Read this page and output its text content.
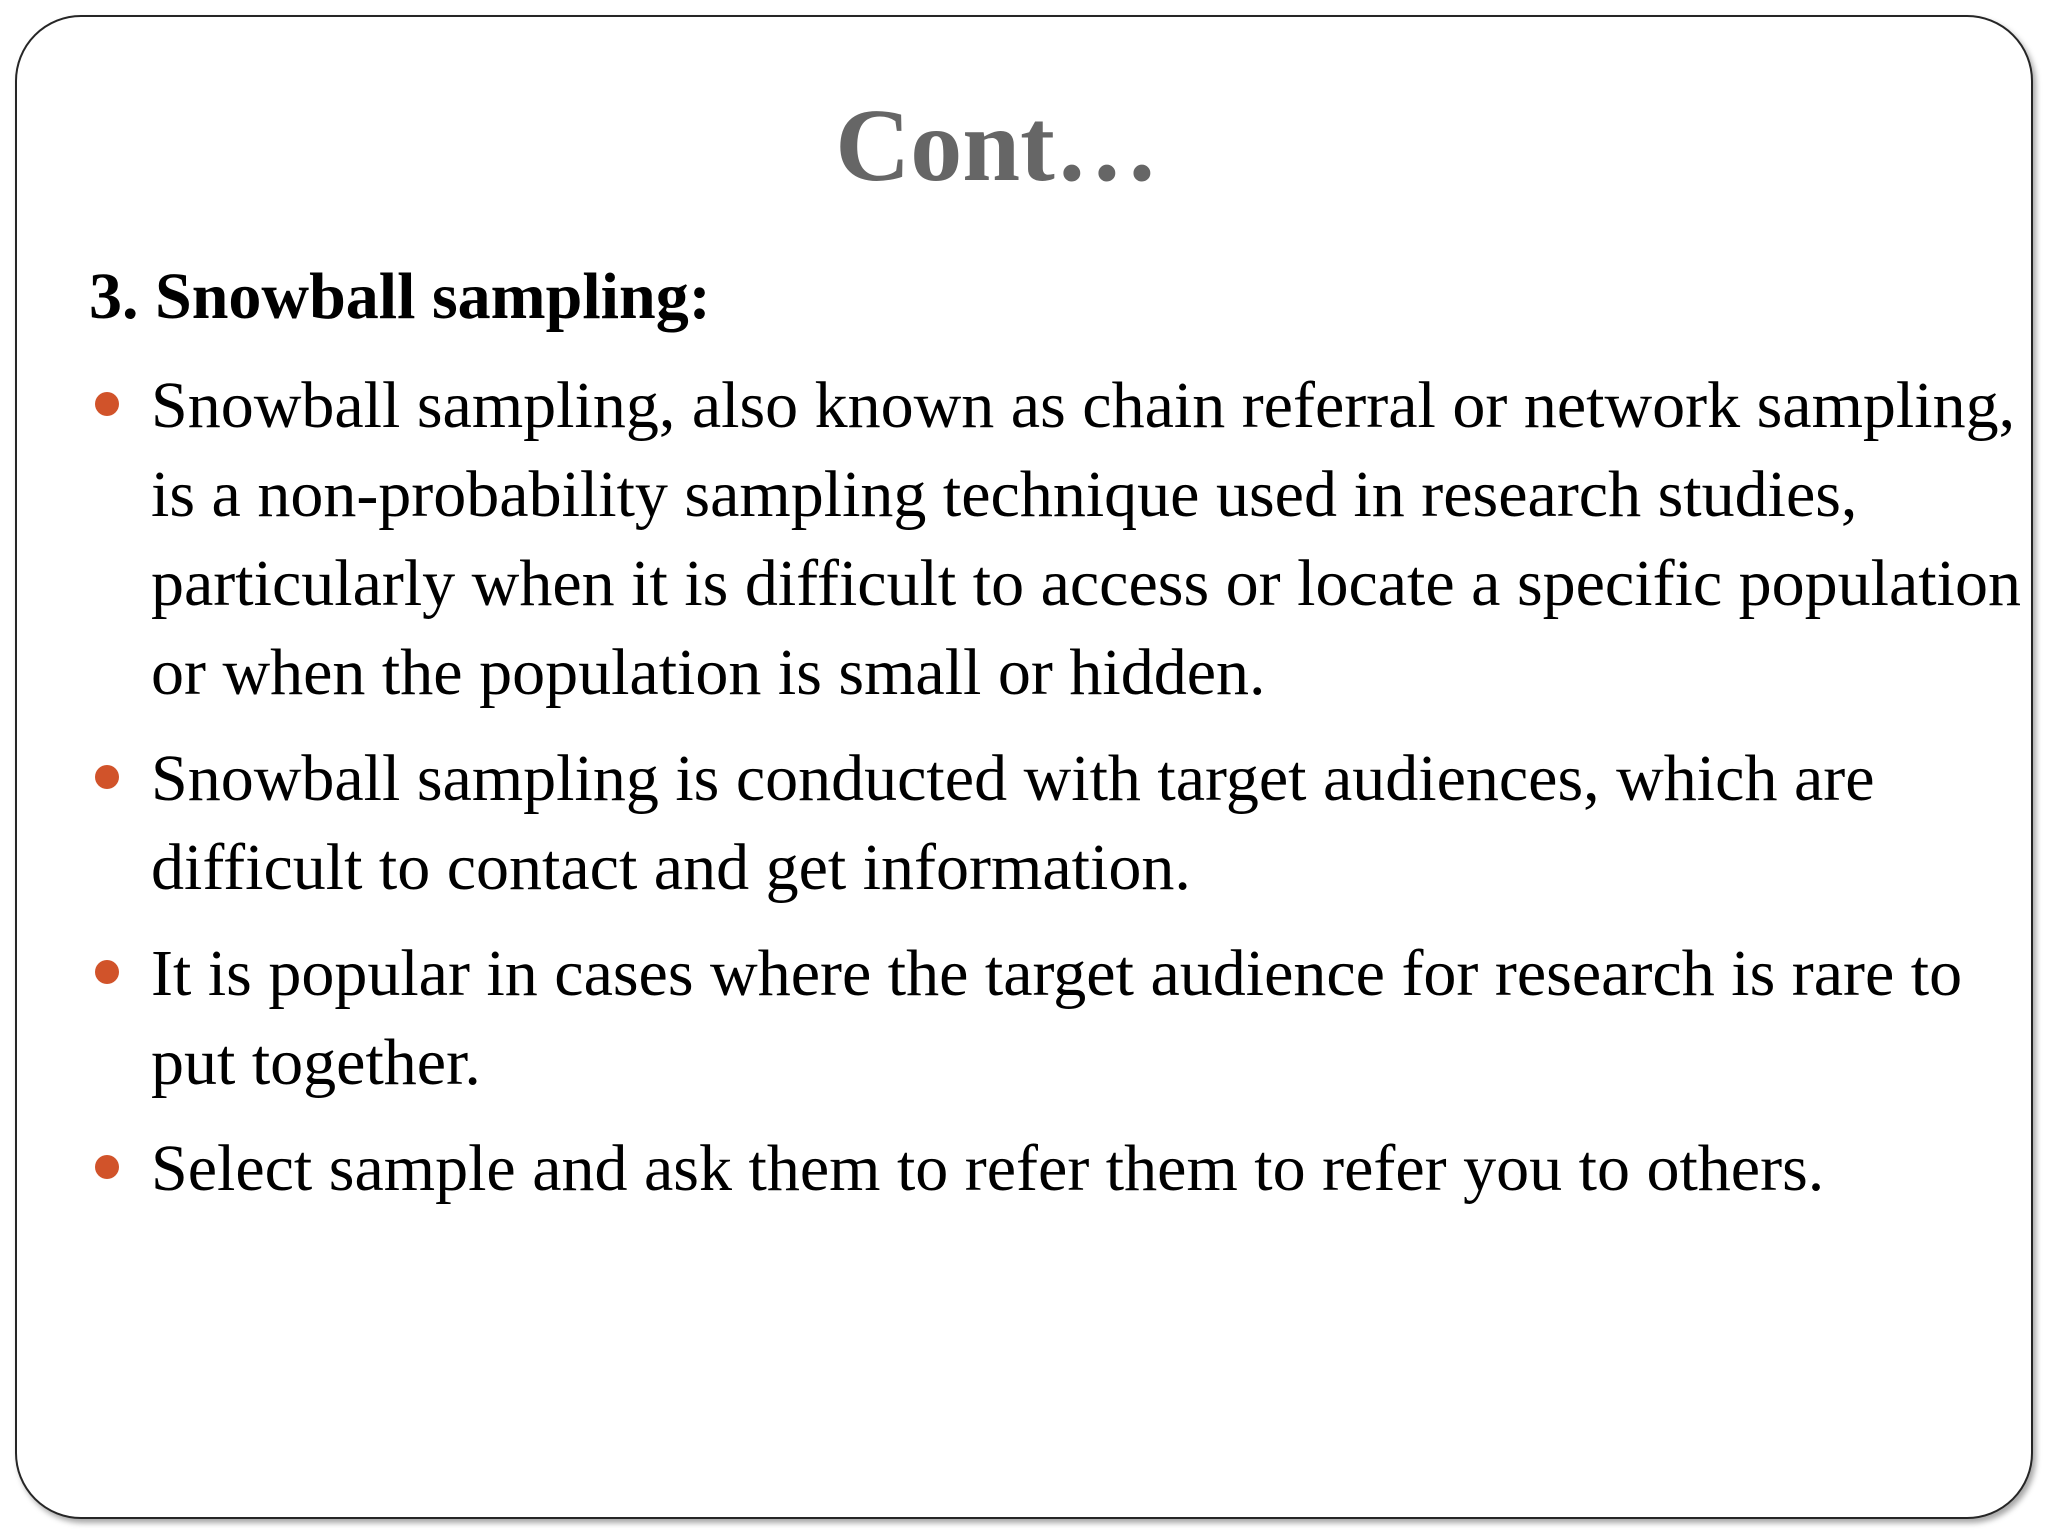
Cont…
3. Snowball sampling:
Snowball sampling, also known as chain referral or network sampling, is a non-probability sampling technique used in research studies, particularly when it is difficult to access or locate a specific population or when the population is small or hidden.
Snowball sampling is conducted with target audiences, which are difficult to contact and get information.
It is popular in cases where the target audience for research is rare to put together.
Select sample and ask them to refer them to refer you to others.
